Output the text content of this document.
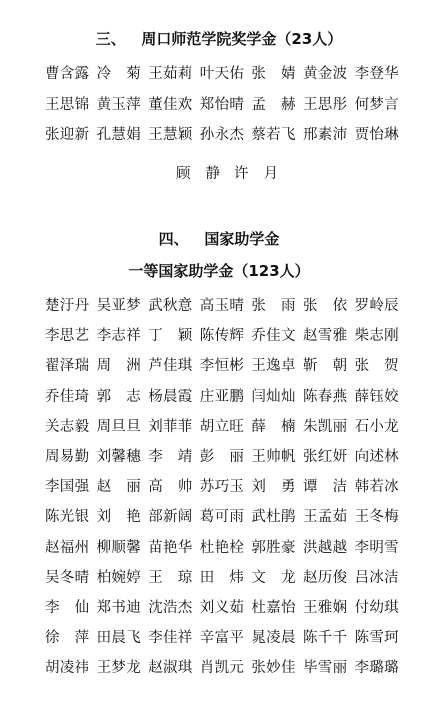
三、   周口师范学院奖学金（23人）
曹含露 冷　菊 王茹莉 叶天佑 张　婧 黄金波 李登华
王思锦 黄玉萍 董佳欢 郑怡晴 孟　赫 王思彤 何梦言
张迎新 孔慧娟 王慧颖 孙永杰 蔡若飞 邢素沛 贾怡琳
顾　静 许　月
四、   国家助学金
一等国家助学金（123人）
楚汙丹 吴亚梦 武秋意 高玉晴 张　雨 张　依 罗岭辰
李思艺 李志祥 丁　颖 陈传辉 乔佳文 赵雪雅 柴志刚
翟泽瑞 周　洲 芦佳琪 李恒彬 王逸卓 靳　朝 张　贺
乔佳琦 郭　志 杨晨霞 庄亚鹏 闫灿灿 陈春燕 薛钰姣
关志毅 周旦旦 刘菲菲 胡立旺 薛　楠 朱凯丽 石小龙
周易勤 刘馨穗 李　靖 彭　丽 王帅帆 张红妍 向述林
李国强 赵　丽 高　帅 苏巧玉 刘　勇 谭　洁 韩若冰
陈光银 刘　艳 部新阔 葛可雨 武杜鹃 王孟茹 王冬梅
赵福州 柳顺馨 苗艳华 杜艳栓 郭胜豪 洪越越 李明雪
吴冬晴 柏婉婷 王　琼 田　炜 文　龙 赵历俊 吕冰洁
李　仙 郑书迪 沈浩杰 刘义茹 杜嘉怡 王雅娴 付幼琪
徐　萍 田晨飞 李佳祥 辛富平 晁凌晨 陈千千 陈雪珂
胡凌祎 王梦龙 赵淑琪 肖凯元 张妙佳 毕雪丽 李璐璐
